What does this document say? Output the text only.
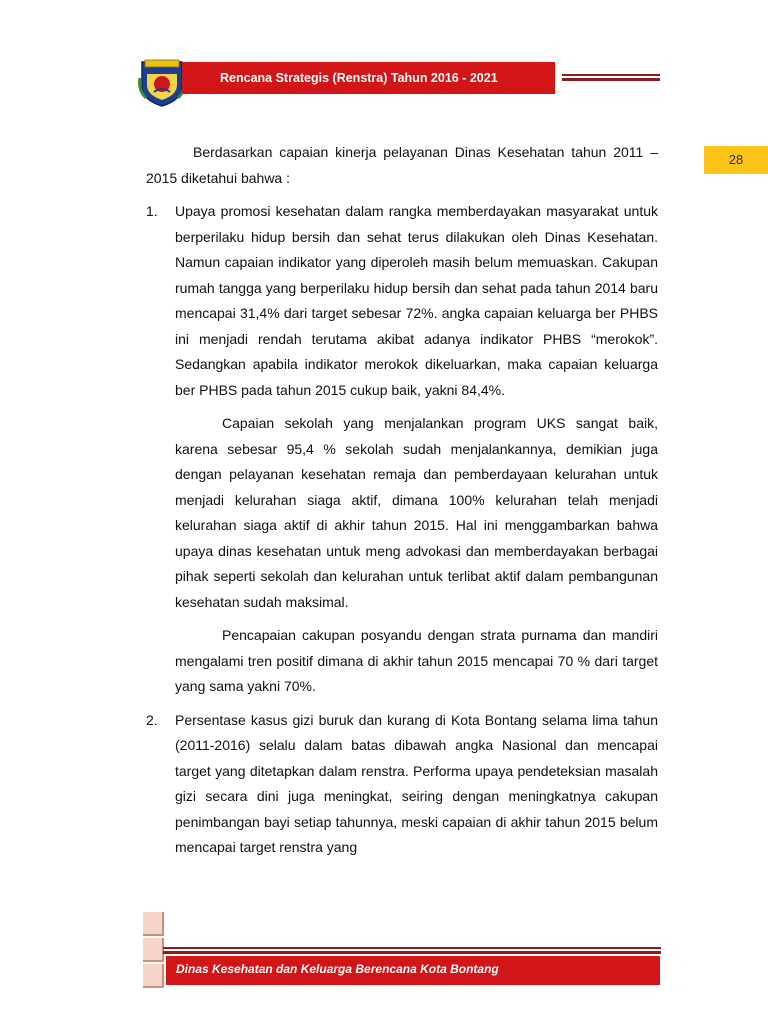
Rencana Strategis (Renstra) Tahun 2016 - 2021
28

Berdasarkan capaian kinerja pelayanan Dinas Kesehatan tahun 2011 – 2015 diketahui bahwa :

1. Upaya promosi kesehatan dalam rangka memberdayakan masyarakat untuk berperilaku hidup bersih dan sehat terus dilakukan oleh Dinas Kesehatan. Namun capaian indikator yang diperoleh masih belum memuaskan. Cakupan rumah tangga yang berperilaku hidup bersih dan sehat pada tahun 2014 baru mencapai 31,4% dari target sebesar 72%. angka capaian keluarga ber PHBS ini menjadi rendah terutama akibat adanya indikator PHBS “merokok”. Sedangkan apabila indikator merokok dikeluarkan, maka capaian keluarga ber PHBS pada tahun 2015 cukup baik, yakni 84,4%.

Capaian sekolah yang menjalankan program UKS sangat baik, karena sebesar 95,4 % sekolah sudah menjalankannya, demikian juga dengan pelayanan kesehatan remaja dan pemberdayaan kelurahan untuk menjadi kelurahan siaga aktif, dimana 100% kelurahan telah menjadi kelurahan siaga aktif di akhir tahun 2015. Hal ini menggambarkan bahwa upaya dinas kesehatan untuk meng advokasi dan memberdayakan berbagai pihak seperti sekolah dan kelurahan untuk terlibat aktif dalam pembangunan kesehatan sudah maksimal.

Pencapaian cakupan posyandu dengan strata purnama dan mandiri mengalami tren positif dimana di akhir tahun 2015 mencapai 70 % dari target yang sama yakni 70%.

2. Persentase kasus gizi buruk dan kurang di Kota Bontang selama lima tahun (2011-2016) selalu dalam batas dibawah angka Nasional dan mencapai target yang ditetapkan dalam renstra. Performa upaya pendeteksian masalah gizi secara dini juga meningkat, seiring dengan meningkatnya cakupan penimbangan bayi setiap tahunnya, meski capaian di akhir tahun 2015 belum mencapai target renstra yang

Dinas Kesehatan dan Keluarga Berencana Kota Bontang
